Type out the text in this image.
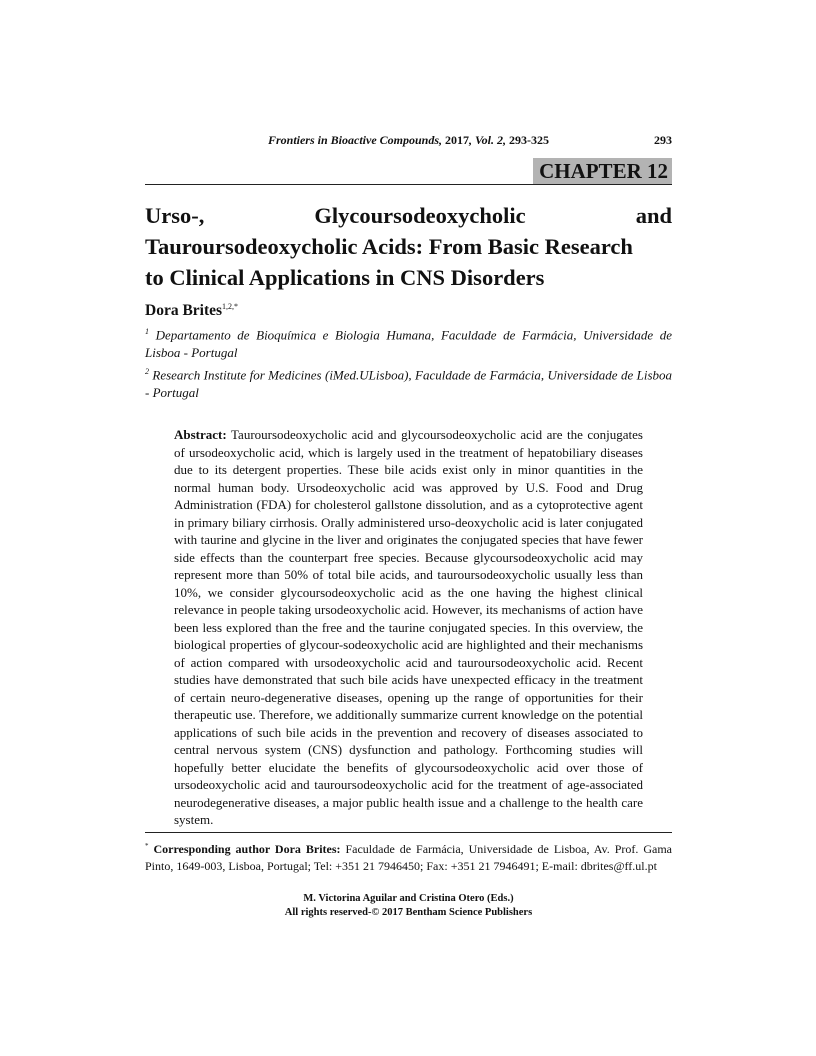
Frontiers in Bioactive Compounds, 2017, Vol. 2, 293-325	293
CHAPTER 12
Urso-, Glycoursodeoxycholic and
Tauroursodeoxycholic Acids: From Basic Research
to Clinical Applications in CNS Disorders

Dora Brites$^{1,2,*}$

$^1$ Departamento de Bioquímica e Biologia Humana, Faculdade de Farmácia, Universidade de Lisboa - Portugal

$^2$ Research Institute for Medicines (iMed.ULisboa), Faculdade de Farmácia, Universidade de Lisboa - Portugal

Abstract: Tauroursodeoxycholic acid and glycoursodeoxycholic acid are the conjugates of ursodeoxycholic acid, which is largely used in the treatment of hepatobiliary diseases due to its detergent properties. These bile acids exist only in minor quantities in the normal human body. Ursodeoxycholic acid was approved by U.S. Food and Drug Administration (FDA) for cholesterol gallstone dissolution, and as a cytoprotective agent in primary biliary cirrhosis. Orally administered urso-deoxycholic acid is later conjugated with taurine and glycine in the liver and originates the conjugated species that have fewer side effects than the counterpart free species. Because glycoursodeoxycholic acid may represent more than 50% of total bile acids, and tauroursodeoxycholic usually less than 10%, we consider glycoursodeoxycholic acid as the one having the highest clinical relevance in people taking ursodeoxycholic acid. However, its mechanisms of action have been less explored than the free and the taurine conjugated species. In this overview, the biological properties of glycour-sodeoxycholic acid are highlighted and their mechanisms of action compared with ursodeoxycholic acid and tauroursodeoxycholic acid. Recent studies have demonstrated that such bile acids have unexpected efficacy in the treatment of certain neuro-degenerative diseases, opening up the range of opportunities for their therapeutic use. Therefore, we additionally summarize current knowledge on the potential applications of such bile acids in the prevention and recovery of diseases associated to central nervous system (CNS) dysfunction and pathology. Forthcoming studies will hopefully better elucidate the benefits of glycoursodeoxycholic acid over those of ursodeoxycholic acid and tauroursodeoxycholic acid for the treatment of age-associated neurodegenerative diseases, a major public health issue and a challenge to the health care system.

* Corresponding author Dora Brites: Faculdade de Farmácia, Universidade de Lisboa, Av. Prof. Gama Pinto, 1649-003, Lisboa, Portugal; Tel: +351 21 7946450; Fax: +351 21 7946491; E-mail: dbrites@ff.ul.pt

M. Victorina Aguilar and Cristina Otero (Eds.)

All rights reserved-© 2017 Bentham Science Publishers
